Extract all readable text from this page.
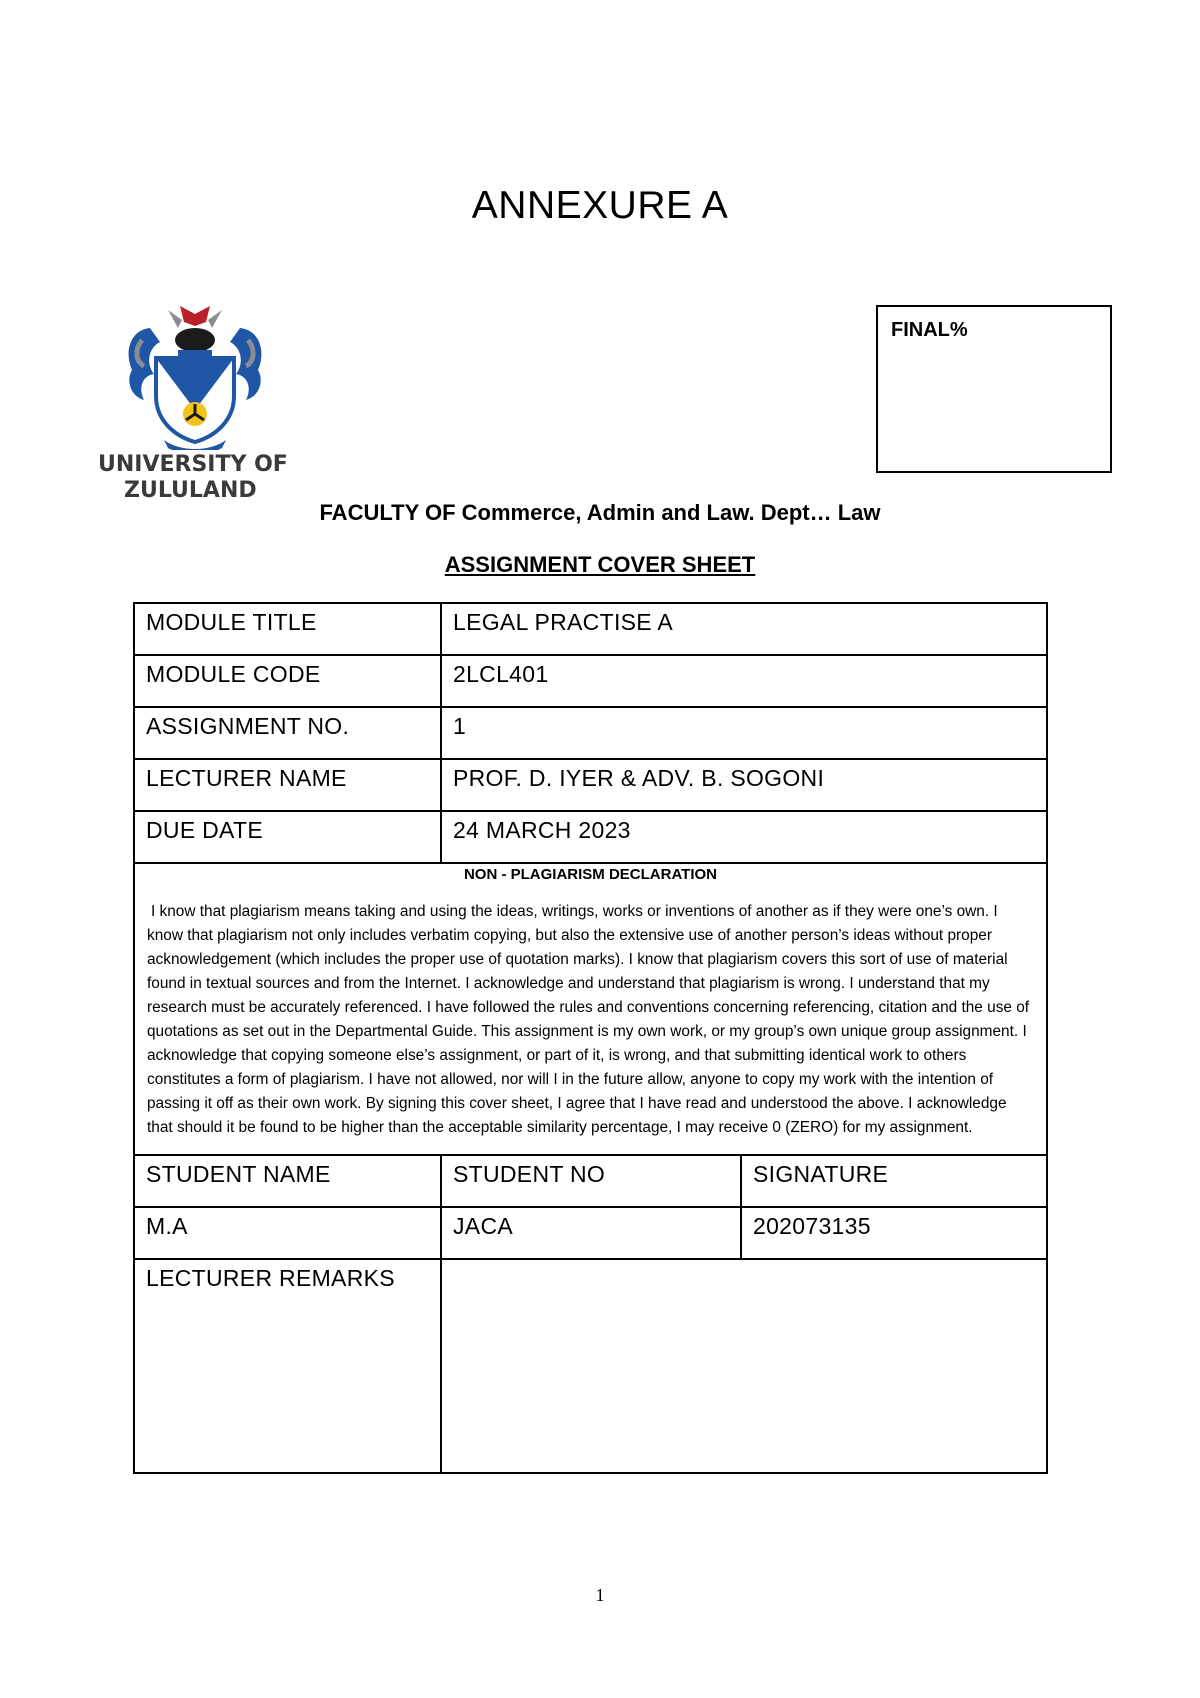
ANNEXURE A
UNIVERSITY OF
ZULULAND
FINAL%
FACULTY OF Commerce, Admin and Law. Dept… Law
ASSIGNMENT COVER SHEET
MODULE TITLE	LEGAL PRACTISE A
MODULE CODE	2LCL401
ASSIGNMENT NO.	1
LECTURER NAME	PROF. D. IYER & ADV. B. SOGONI
DUE DATE	24 MARCH 2023
NON - PLAGIARISM DECLARATION
I know that plagiarism means taking and using the ideas, writings, works or inventions of another as if they were one’s own. I know that plagiarism not only includes verbatim copying, but also the extensive use of another person’s ideas without proper acknowledgement (which includes the proper use of quotation marks). I know that plagiarism covers this sort of use of material found in textual sources and from the Internet. I acknowledge and understand that plagiarism is wrong. I understand that my research must be accurately referenced. I have followed the rules and conventions concerning referencing, citation and the use of quotations as set out in the Departmental Guide. This assignment is my own work, or my group’s own unique group assignment. I acknowledge that copying someone else’s assignment, or part of it, is wrong, and that submitting identical work to others constitutes a form of plagiarism. I have not allowed, nor will I in the future allow, anyone to copy my work with the intention of passing it off as their own work. By signing this cover sheet, I agree that I have read and understood the above. I acknowledge that should it be found to be higher than the acceptable similarity percentage, I may receive 0 (ZERO) for my assignment.
STUDENT NAME	STUDENT NO	SIGNATURE
M.A	JACA	202073135
LECTURER REMARKS
1
